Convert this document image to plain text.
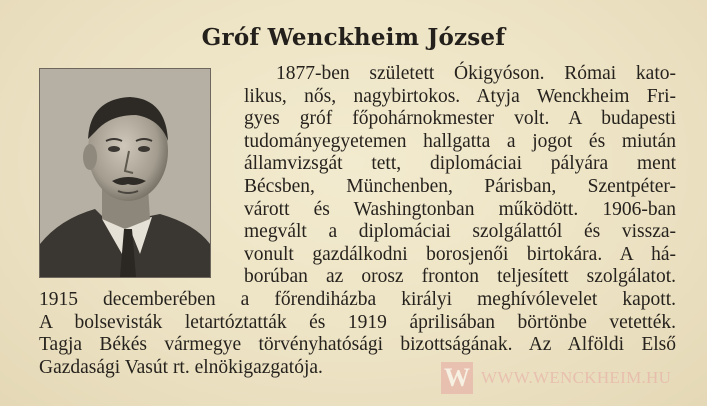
Gróf Wenckheim József
1877-ben született Ókigyóson. Római kato-
likus, nős, nagybirtokos. Atyja Wenckheim Fri-
gyes gróf főpohárnokmester volt. A budapesti
tudományegyetemen hallgatta a jogot és miután
államvizsgát tett, diplomáciai pályára ment
Bécsben, Münchenben, Párisban, Szentpéter-
várott és Washingtonban működött. 1906-ban
megvált a diplomáciai szolgálattól és vissza-
vonult gazdálkodni borosjenői birtokára. A há-
borúban az orosz fronton teljesített szolgálatot.
1915 decemberében a főrendiházba királyi meghívólevelet kapott.
A bolsevisták letartóztatták és 1919 áprilisában börtönbe vetették.
Tagja Békés vármegye törvényhatósági bizottságának. Az Alföldi Első
Gazdasági Vasút rt. elnökigazgatója.	W WWW.WENCKHEIM.HU
